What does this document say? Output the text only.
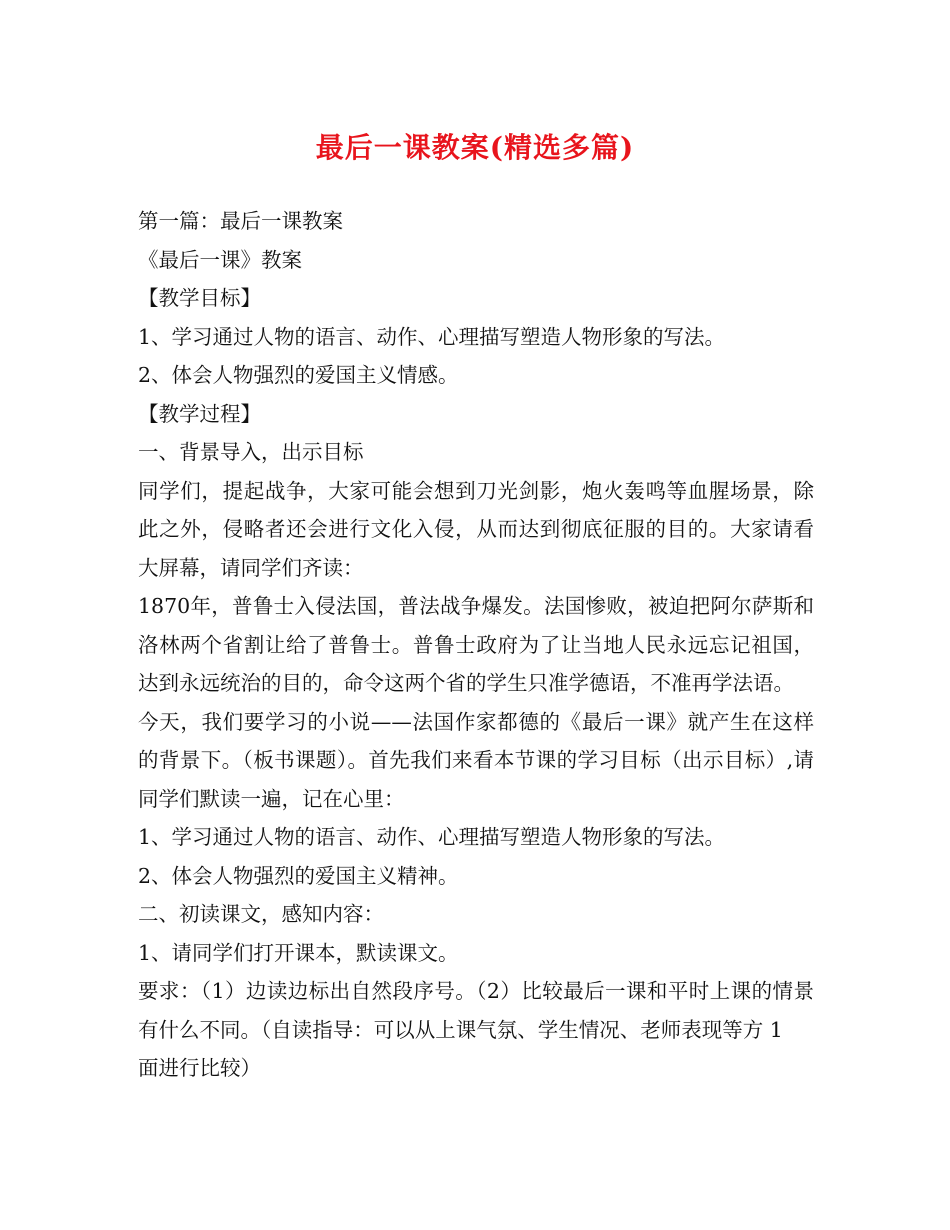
最后一课教案(精选多篇)

第一篇：最后一课教案

《最后一课》教案

【教学目标】

1、学习通过人物的语言、动作、心理描写塑造人物形象的写法。

2、体会人物强烈的爱国主义情感。

【教学过程】

一、背景导入，出示目标

同学们，提起战争，大家可能会想到刀光剑影，炮火轰鸣等血腥场景，除此之外，侵略者还会进行文化入侵，从而达到彻底征服的目的。大家请看大屏幕，请同学们齐读：

1870年，普鲁士入侵法国，普法战争爆发。法国惨败，被迫把阿尔萨斯和洛林两个省割让给了普鲁士。普鲁士政府为了让当地人民永远忘记祖国，达到永远统治的目的，命令这两个省的学生只准学德语，不准再学法语。

今天，我们要学习的小说——法国作家都德的《最后一课》就产生在这样的背景下。（板书课题）。首先我们来看本节课的学习目标（出示目标）,请同学们默读一遍，记在心里：

1、学习通过人物的语言、动作、心理描写塑造人物形象的写法。

2、体会人物强烈的爱国主义精神。

二、初读课文，感知内容：

1、请同学们打开课本，默读课文。

要求：（1）边读边标出自然段序号。（2）比较最后一课和平时上课的情景有什么不同。（自读指导：可以从上课气氛、学生情况、老师表现等方 1

面进行比较）
